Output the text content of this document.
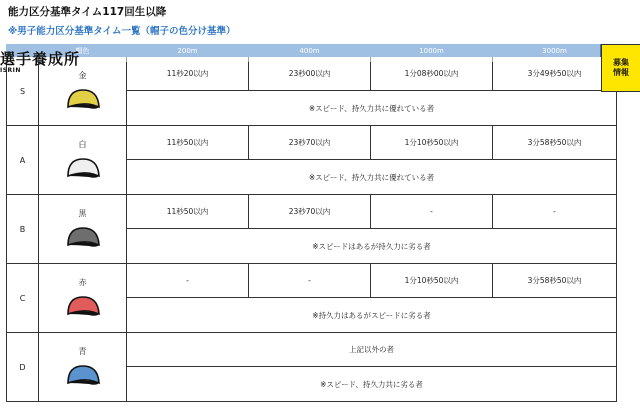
能力区分基準タイム117回生以降
※男子能力区分基準タイム一覧（帽子の色分け基準）

S	金	11秒20以内	23秒00以内	1分08秒00以内	3分49秒50以内
		※スピード、持久力共に優れている者			
A	白	11秒50以内	23秒70以内	1分10秒50以内	3分58秒50以内
		※スピード、持久力共に優れている者			
B	黒	11秒50以内	23秒70以内	-	-
		※スピードはあるが持久力に劣る者			
C	赤	-	-	1分10秒50以内	3分58秒50以内
		※持久力はあるがスピードに劣る者			
D	青	上記以外の者			
		※スピード、持久力共に劣る者			
選手養成所
ISRIN
募集
情報
